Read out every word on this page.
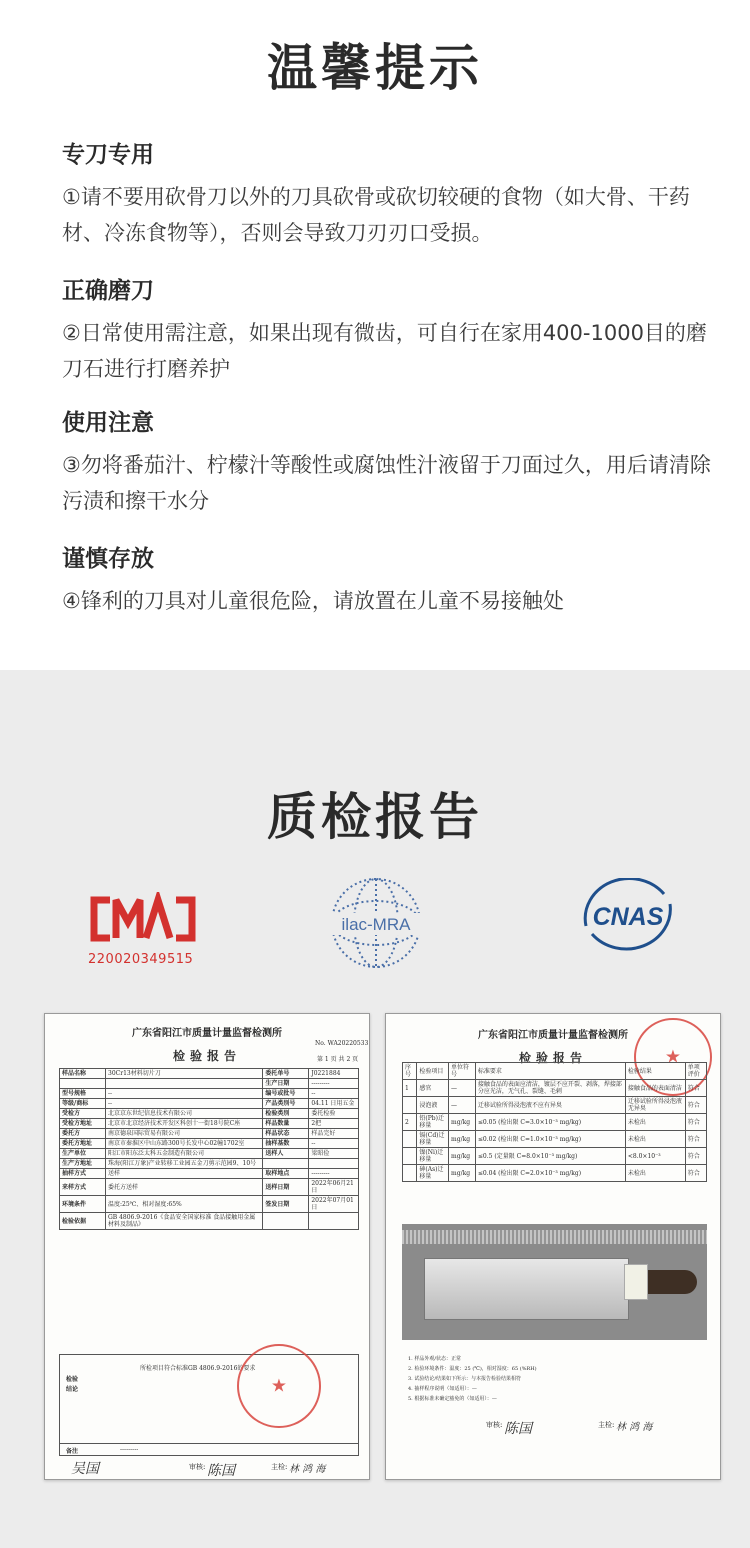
温馨提示
专刀专用
①请不要用砍骨刀以外的刀具砍骨或砍切较硬的食物（如大骨、干药材、冷冻食物等），否则会导致刀刃刃口受损。
正确磨刀
②日常使用需注意，如果出现有微齿，可自行在家用400-1000目的磨刀石进行打磨养护
使用注意
③勿将番茄汁、柠檬汁等酸性或腐蚀性汁液留于刀面过久，用后请清除污渍和擦干水分
谨慎存放
④锋利的刀具对儿童很危险，请放置在儿童不易接触处
质检报告
220020349515
ilac-MRA	CNAS
广东省阳江市质量计量监督检测所
No. WA20220533
检验报告	第 1 页 共 2 页
样品名称	30Cr13材料切片刀	委托单号	J0221884
		生产日期	---------
型号规格	--	编号或批号	--
等级/商标	--	产品类别号	04.11 日用五金
受检方	北京京东世纪信息技术有限公司	检验类别	委托检验
受检方地址	北京市北京经济技术开发区科创十一街18号院C座	样品数量	2把
委托方	南京德泉国际贸易有限公司	样品状态	样品完好
委托方地址	南京市秦淮区中山东路300号长发中心02幢1702室	抽样基数	--
生产单位	阳江市阳东泛太科五金制造有限公司	送样人	梁昭俭
生产方地址	珠海(阳江万象)产业转移工业园五金刀剪示范园9、10号		
抽样方式	送样	取样地点	---------
来样方式	委托方送样	送样日期	2022年06月21日
环境条件	温度:25℃、相对湿度:65%	签发日期	2022年07月01日
检验依据	GB 4806.9-2016《食品安全国家标准 食品接触用金属材料及制品》		
检验结论
所检项目符合标准GB 4806.9-2016的要求
★
备注	---------
吴国	审核: 陈国	主检: 林 鸿 海
广东省阳江市质量计量监督检测所
检验报告	★
序号	检验项目	单位符号	标准要求	检验结果	单项评价
1	感官	—	接触食品的表面应清洁，镀层不应开裂、剥落，焊接部分应光洁，无气孔、裂缝、毛刺	接触食品的表面清洁	符合
	浸泡液	—	迁移试验所得浸泡液不应有异臭	迁移试验所得浸泡液无异臭	符合
2	铅(Pb)迁移量	mg/kg	≤0.05 (检出限 C=3.0×10⁻³ mg/kg)	未检出	符合
	镉(Cd)迁移量	mg/kg	≤0.02 (检出限 C=1.0×10⁻³ mg/kg)	未检出	符合
	镍(Ni)迁移量	mg/kg	≤0.5 (定量限 C=8.0×10⁻³ mg/kg)	<8.0×10⁻³	符合
	砷(As)迁移量	mg/kg	≤0.04 (检出限 C=2.0×10⁻³ mg/kg)	未检出	符合
1. 样品外观/状态：正常
2. 检验环境条件：温度：25 (℃)，相对湿度：65 (%RH)
3. 试验结论/结果如下所示：与本报告检验结果相符
4. 抽样程序说明（如适用）：—
5. 根据标准未确定豁免的（如适用）：—
审核: 陈国	主检: 林 鸿 海
